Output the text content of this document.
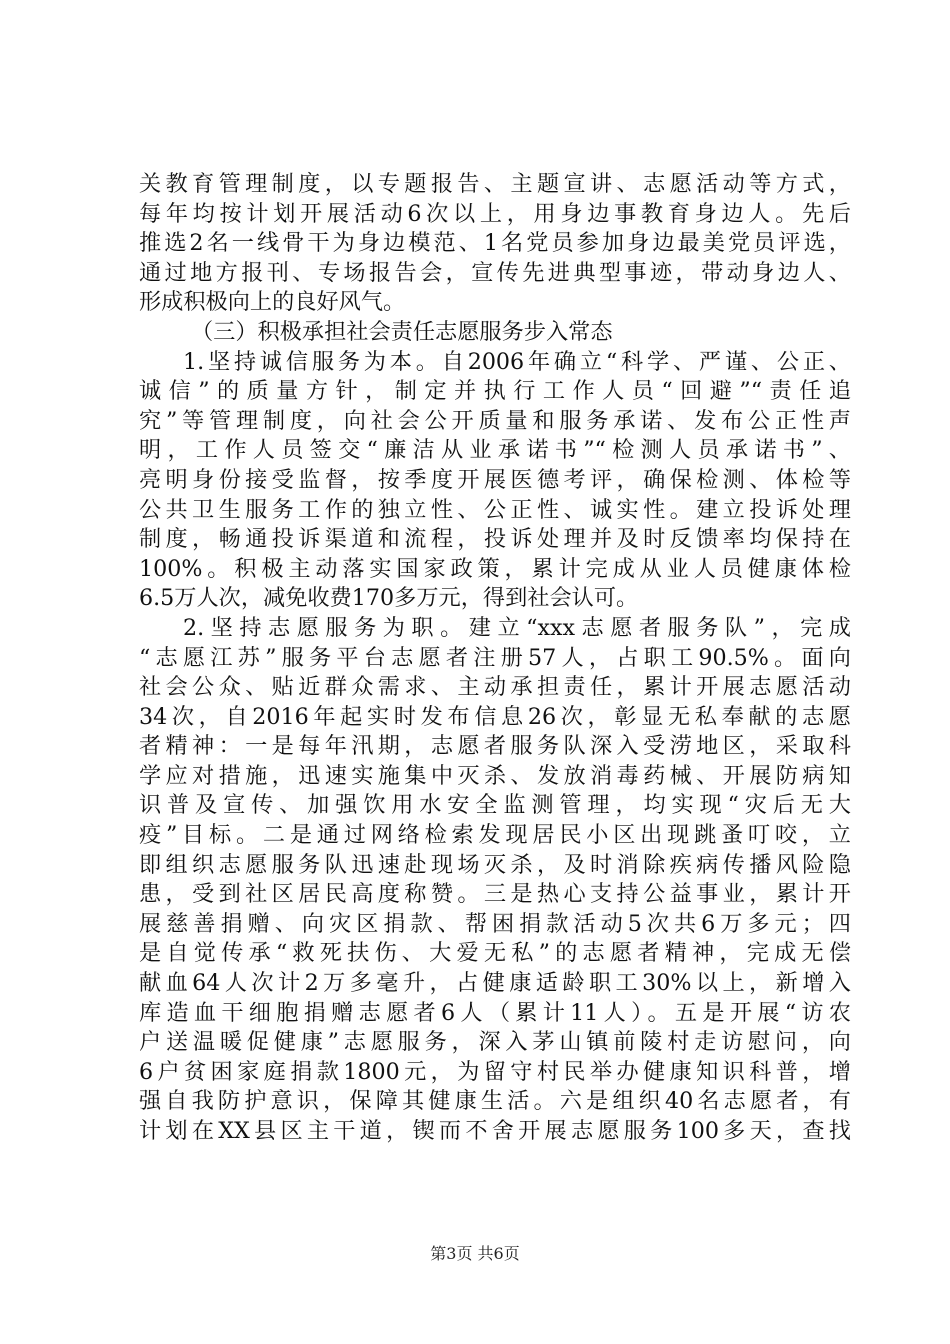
关教育管理制度，以专题报告、主题宣讲、志愿活动等方式，
每年均按计划开展活动6次以上，用身边事教育身边人。先后
推选2名一线骨干为身边模范、1名党员参加身边最美党员评选，
通过地方报刊、专场报告会，宣传先进典型事迹，带动身边人、
形成积极向上的良好风气。
（三）积极承担社会责任志愿服务步入常态
1.坚持诚信服务为本。自2006年确立“科学、严谨、公正、
诚信”的质量方针，制定并执行工作人员“回避”“责任追
究”等管理制度，向社会公开质量和服务承诺、发布公正性声
明，工作人员签交“廉洁从业承诺书”“检测人员承诺书”、
亮明身份接受监督，按季度开展医德考评，确保检测、体检等
公共卫生服务工作的独立性、公正性、诚实性。建立投诉处理
制度，畅通投诉渠道和流程，投诉处理并及时反馈率均保持在
100%。积极主动落实国家政策，累计完成从业人员健康体检
6.5万人次，减免收费170多万元，得到社会认可。
2.坚持志愿服务为职。建立“xxx志愿者服务队”，完成
“志愿江苏”服务平台志愿者注册57人，占职工90.5%。面向
社会公众、贴近群众需求、主动承担责任，累计开展志愿活动
34次，自2016年起实时发布信息26次，彰显无私奉献的志愿
者精神：一是每年汛期，志愿者服务队深入受涝地区，采取科
学应对措施，迅速实施集中灭杀、发放消毒药械、开展防病知
识普及宣传、加强饮用水安全监测管理，均实现“灾后无大
疫”目标。二是通过网络检索发现居民小区出现跳蚤叮咬，立
即组织志愿服务队迅速赴现场灭杀，及时消除疾病传播风险隐
患，受到社区居民高度称赞。三是热心支持公益事业，累计开
展慈善捐赠、向灾区捐款、帮困捐款活动5次共6万多元；四
是自觉传承“救死扶伤、大爱无私”的志愿者精神，完成无偿
献血64人次计2万多毫升，占健康适龄职工30%以上，新增入
库造血干细胞捐赠志愿者6人（累计11人）。五是开展“访农
户送温暖促健康”志愿服务，深入茅山镇前陵村走访慰问，向
6户贫困家庭捐款1800元，为留守村民举办健康知识科普，增
强自我防护意识，保障其健康生活。六是组织40名志愿者，有
计划在XX县区主干道，锲而不舍开展志愿服务100多天，查找
第3页 共6页
